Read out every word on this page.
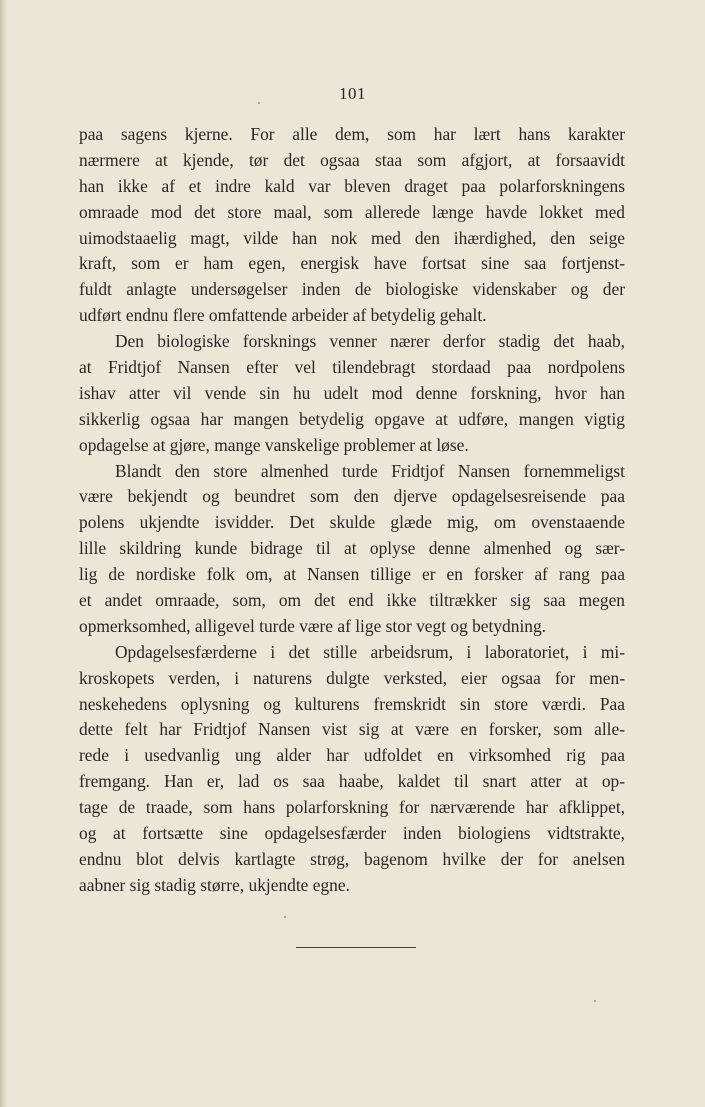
101

paa sagens kjerne. For alle dem, som har lært hans karakter
nærmere at kjende, tør det ogsaa staa som afgjort, at forsaavidt
han ikke af et indre kald var bleven draget paa polarforskningens
omraade mod det store maal, som allerede længe havde lokket med
uimodstaaelig magt, vilde han nok med den ihærdighed, den seige
kraft, som er ham egen, energisk have fortsat sine saa fortjenst-
fuldt anlagte undersøgelser inden de biologiske videnskaber og der
udført endnu flere omfattende arbeider af betydelig gehalt.

Den biologiske forsknings venner nærer derfor stadig det haab,
at Fridtjof Nansen efter vel tilendebragt stordaad paa nordpolens
ishav atter vil vende sin hu udelt mod denne forskning, hvor han
sikkerlig ogsaa har mangen betydelig opgave at udføre, mangen vigtig
opdagelse at gjøre, mange vanskelige problemer at løse.

Blandt den store almenhed turde Fridtjof Nansen fornemmeligst
være bekjendt og beundret som den djerve opdagelsesreisende paa
polens ukjendte isvidder. Det skulde glæde mig, om ovenstaaende
lille skildring kunde bidrage til at oplyse denne almenhed og sær-
lig de nordiske folk om, at Nansen tillige er en forsker af rang paa
et andet omraade, som, om det end ikke tiltrækker sig saa megen
opmerksomhed, alligevel turde være af lige stor vegt og betydning.

Opdagelsesfærderne i det stille arbeidsrum, i laboratoriet, i mi-
kroskopets verden, i naturens dulgte verksted, eier ogsaa for men-
neskehedens oplysning og kulturens fremskridt sin store værdi. Paa
dette felt har Fridtjof Nansen vist sig at være en forsker, som alle-
rede i usedvanlig ung alder har udfoldet en virksomhed rig paa
fremgang. Han er, lad os saa haabe, kaldet til snart atter at op-
tage de traade, som hans polarforskning for nærværende har afklippet,
og at fortsætte sine opdagelsesfærder inden biologiens vidtstrakte,
endnu blot delvis kartlagte strøg, bagenom hvilke der for anelsen
aabner sig stadig større, ukjendte egne.
